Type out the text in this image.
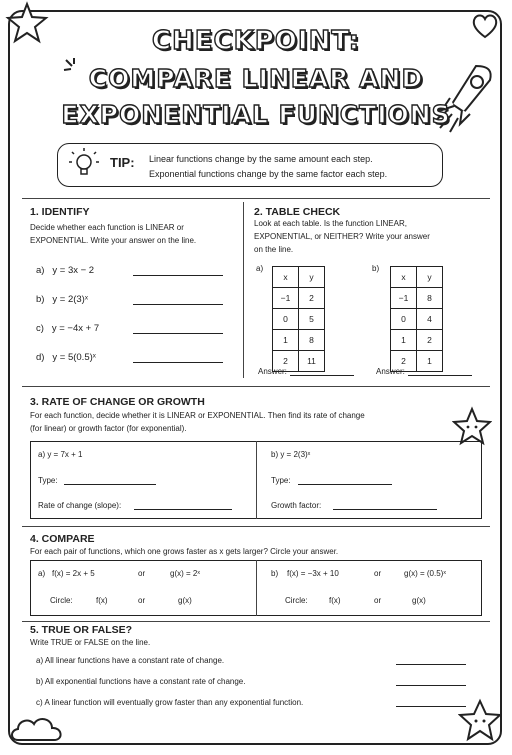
CHECKPOINT:
COMPARE LINEAR AND
EXPONENTIAL FUNCTIONS
TIP: Linear functions change by the same amount each step.
Exponential functions change by the same factor each step.
1. IDENTIFY
Decide whether each function is LINEAR or
EXPONENTIAL. Write your answer on the line.
a) y = 3x − 2
b) y = 2(3)ˣ
c) y = −4x + 7
d) y = 5(0.5)ˣ
2. TABLE CHECK
Look at each table. Is the function LINEAR,
EXPONENTIAL, or NEITHER? Write your answer
on the line.
a)
x	y
−1	2
0	5
1	8
2	11
b)
x	y
−1	8
0	4
1	2
2	1
Answer:	Answer:
3. RATE OF CHANGE OR GROWTH
For each function, decide whether it is LINEAR or EXPONENTIAL. Then find its rate of change
(for linear) or growth factor (for exponential).
a) y = 7x + 1
Type:
Rate of change (slope):
b) y = 2(3)ˣ
Type:
Growth factor:
4. COMPARE
For each pair of functions, which one grows faster as x gets larger? Circle your answer.
a) f(x) = 2x + 5	or	g(x) = 2ˣ
Circle:	f(x)	or	g(x)
b) f(x) = −3x + 10	or	g(x) = (0.5)ˣ
Circle:	f(x)	or	g(x)
5. TRUE OR FALSE?
Write TRUE or FALSE on the line.
a) All linear functions have a constant rate of change.
b) All exponential functions have a constant rate of change.
c) A linear function will eventually grow faster than any exponential function.
